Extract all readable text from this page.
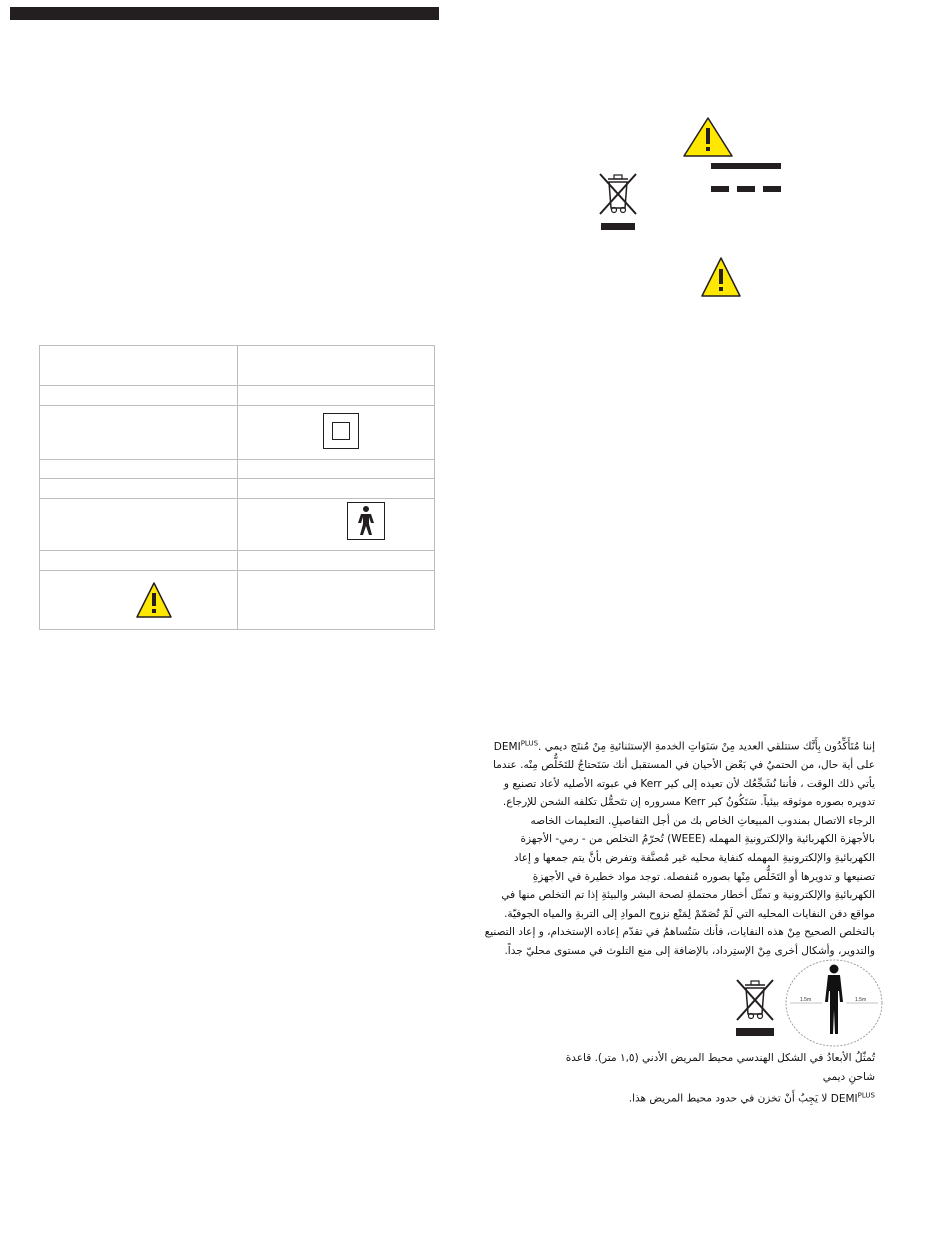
إننا مُتَأَكِّدُون بِأَنَّك ستتلقي العديد مِنْ سَنَوَاتِ الخدمةِ الإستثنائيةِ مِنْ مُنتَج ديمي $DEMI^{PLUS}$.
على أية حال، من الحتميُ في بَعْض الأحيان في المستقبل أنك سَتَحتاجُ للتَخَلُّص مِنْه. عندما
يأتي ذلك الوقت ، فأننا نُشَجِّعُك لأن تعيده إلى كير Kerr في عبوته الأصليه لأعاد تصنيع و
تدويره بصوره موثوقه بيئياً. سَتَكُونُ كير Kerr مسروره إن تتَحمُّل تكلفه الشحن للإرجاع.
الرجاء الاتصال بمندوب المبيعاتِ الخاص بك من أجل التفاصيلِ. التعليمات الخاصه
بالأجهزة الكهربائية والإلكترونيةِ المهمله (WEEE) تُحرّمُ التخلص من - رمي- الأجهزة
الكهربائيةِ والإلكترونيةِ المهمله كنفاية محليه غير مُصنَّفة وتفرض بأنَّ يتم جمعها و إعاد
تصنيعها و تدويرها أو التَخَلُّص مِنْها بصوره مُنفصله. توجد مواد خطيرة في الأجهزةِ
الكهربائيةِ والإلكترونية و تمثّل أخطار محتملةِ لصحة البشر والبيئةِ إذا تم التخلص منها في
مواقع دفن النفايات المحليه التي لَمْ تُصَمّمْ لِمَنْع نزوح الموادِ إلى التربةِ والمياه الجوفيّة.
بالتخلص الصحيح مِنْ هذه النفايات، فأنك سَتُساهمُ في تقدّم إعاده الإستخدام، و إعاد التصنيع
والتدوير، وأشكال أخرى مِنْ الإستِرداد، بالإضافة إلى منع التلوث في مستوى محليّ جداً.
1.5m	1.5m
تُمثّلُ الأبعادُ في الشكل الهندسي محيط المريض الأدني (١,٥ متر). قاعدة شاحنِ ديمي
$DEMI^{PLUS}$ لا يَجِبُ أَنْ تخزن في حدود محيط المريض هذا.
